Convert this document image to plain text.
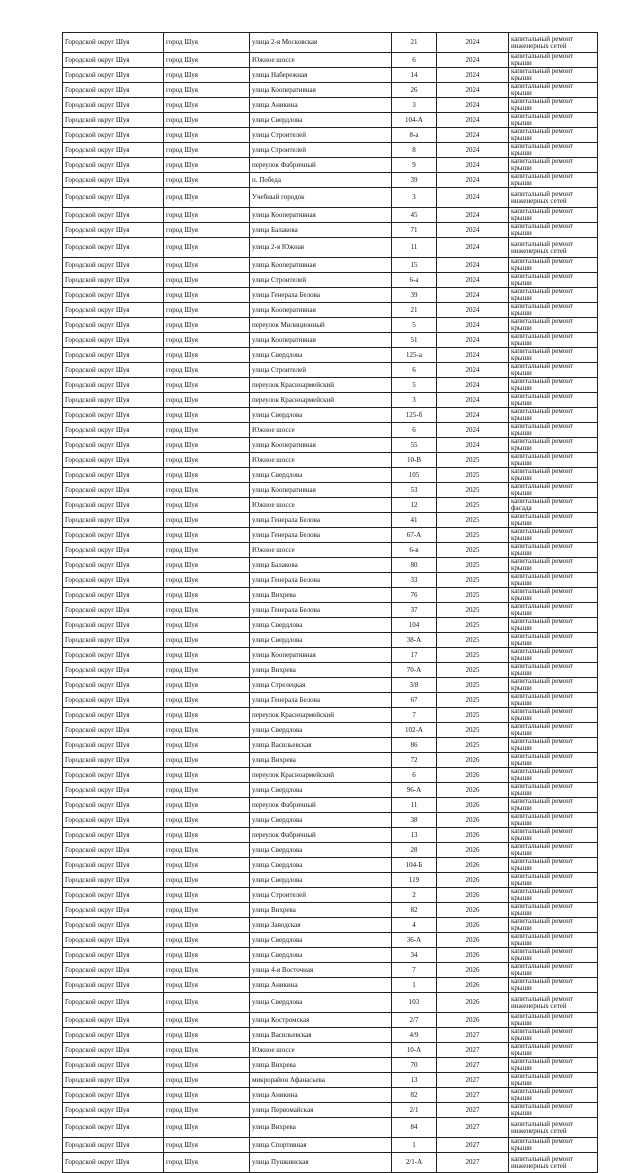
Городской округ Шуя	город Шуя	улица 2-я Московская	21	2024	капитальный ремонт инженерных сетей
Городской округ Шуя	город Шуя	Южное шоссе	6	2024	капитальный ремонт крыши
Городской округ Шуя	город Шуя	улица Набережная	14	2024	капитальный ремонт крыши
Городской округ Шуя	город Шуя	улица Кооперативная	26	2024	капитальный ремонт крыши
Городской округ Шуя	город Шуя	улица Аникина	3	2024	капитальный ремонт крыши
Городской округ Шуя	город Шуя	улица Свердлова	104-А	2024	капитальный ремонт крыши
Городской округ Шуя	город Шуя	улица Строителей	8-а	2024	капитальный ремонт крыши
Городской округ Шуя	город Шуя	улица Строителей	8	2024	капитальный ремонт крыши
Городской округ Шуя	город Шуя	переулок Фабричный	9	2024	капитальный ремонт крыши
Городской округ Шуя	город Шуя	п. Победа	39	2024	капитальный ремонт крыши
Городской округ Шуя	город Шуя	Учебный городок	3	2024	капитальный ремонт инженерных сетей
Городской округ Шуя	город Шуя	улица Кооперативная	45	2024	капитальный ремонт крыши
Городской округ Шуя	город Шуя	улица Балакова	71	2024	капитальный ремонт крыши
Городской округ Шуя	город Шуя	улица 2-я Южная	11	2024	капитальный ремонт инженерных сетей
Городской округ Шуя	город Шуя	улица Кооперативная	15	2024	капитальный ремонт крыши
Городской округ Шуя	город Шуя	улица Строителей	6-а	2024	капитальный ремонт крыши
Городской округ Шуя	город Шуя	улица Генерала Белова	39	2024	капитальный ремонт крыши
Городской округ Шуя	город Шуя	улица Кооперативная	21	2024	капитальный ремонт крыши
Городской округ Шуя	город Шуя	переулок Милиционный	5	2024	капитальный ремонт крыши
Городской округ Шуя	город Шуя	улица Кооперативная	51	2024	капитальный ремонт крыши
Городской округ Шуя	город Шуя	улица Свердлова	125-а	2024	капитальный ремонт крыши
Городской округ Шуя	город Шуя	улица Строителей	6	2024	капитальный ремонт крыши
Городской округ Шуя	город Шуя	переулок Красноармейский	5	2024	капитальный ремонт крыши
Городской округ Шуя	город Шуя	переулок Красноармейский	3	2024	капитальный ремонт крыши
Городской округ Шуя	город Шуя	улица Свердлова	125-б	2024	капитальный ремонт крыши
Городской округ Шуя	город Шуя	Южное шоссе	6	2024	капитальный ремонт крыши
Городской округ Шуя	город Шуя	улица Кооперативная	55	2024	капитальный ремонт крыши
Городской округ Шуя	город Шуя	Южное шоссе	10-В	2025	капитальный ремонт крыши
Городской округ Шуя	город Шуя	улица Свердлова	105	2025	капитальный ремонт крыши
Городской округ Шуя	город Шуя	улица Кооперативная	53	2025	капитальный ремонт крыши
Городской округ Шуя	город Шуя	Южное шоссе	12	2025	капитальный ремонт фасада
Городской округ Шуя	город Шуя	улица Генерала Белова	41	2025	капитальный ремонт крыши
Городской округ Шуя	город Шуя	улица Генерала Белова	67-А	2025	капитальный ремонт крыши
Городской округ Шуя	город Шуя	Южное шоссе	6-в	2025	капитальный ремонт крыши
Городской округ Шуя	город Шуя	улица Балакова	80	2025	капитальный ремонт крыши
Городской округ Шуя	город Шуя	улица Генерала Белова	33	2025	капитальный ремонт крыши
Городской округ Шуя	город Шуя	улица Вихрева	76	2025	капитальный ремонт крыши
Городской округ Шуя	город Шуя	улица Генерала Белова	37	2025	капитальный ремонт крыши
Городской округ Шуя	город Шуя	улица Свердлова	104	2025	капитальный ремонт крыши
Городской округ Шуя	город Шуя	улица Свердлова	38-А	2025	капитальный ремонт крыши
Городской округ Шуя	город Шуя	улица Кооперативная	17	2025	капитальный ремонт крыши
Городской округ Шуя	город Шуя	улица Вихрева	70-А	2025	капитальный ремонт крыши
Городской округ Шуя	город Шуя	улица Стрелецкая	3/8	2025	капитальный ремонт крыши
Городской округ Шуя	город Шуя	улица Генерала Белова	67	2025	капитальный ремонт крыши
Городской округ Шуя	город Шуя	переулок Красноармейский	7	2025	капитальный ремонт крыши
Городской округ Шуя	город Шуя	улица Свердлова	102-А	2025	капитальный ремонт крыши
Городской округ Шуя	город Шуя	улица Васильевская	86	2025	капитальный ремонт крыши
Городской округ Шуя	город Шуя	улица Вихрева	72	2026	капитальный ремонт крыши
Городской округ Шуя	город Шуя	переулок Красноармейский	6	2026	капитальный ремонт крыши
Городской округ Шуя	город Шуя	улица Свердлова	96-А	2026	капитальный ремонт крыши
Городской округ Шуя	город Шуя	переулок Фабричный	11	2026	капитальный ремонт крыши
Городской округ Шуя	город Шуя	улица Свердлова	38	2026	капитальный ремонт крыши
Городской округ Шуя	город Шуя	переулок Фабричный	13	2026	капитальный ремонт крыши
Городской округ Шуя	город Шуя	улица Свердлова	28	2026	капитальный ремонт крыши
Городской округ Шуя	город Шуя	улица Свердлова	104-Б	2026	капитальный ремонт крыши
Городской округ Шуя	город Шуя	улица Свердлова	119	2026	капитальный ремонт крыши
Городской округ Шуя	город Шуя	улица Строителей	2	2026	капитальный ремонт крыши
Городской округ Шуя	город Шуя	улица Вихрева	82	2026	капитальный ремонт крыши
Городской округ Шуя	город Шуя	улица Заводская	4	2026	капитальный ремонт крыши
Городской округ Шуя	город Шуя	улица Свердлова	36-А	2026	капитальный ремонт крыши
Городской округ Шуя	город Шуя	улица Свердлова	34	2026	капитальный ремонт крыши
Городской округ Шуя	город Шуя	улица 4-я Восточная	7	2026	капитальный ремонт крыши
Городской округ Шуя	город Шуя	улица Аникина	1	2026	капитальный ремонт крыши
Городской округ Шуя	город Шуя	улица Свердлова	103	2026	капитальный ремонт инженерных сетей
Городской округ Шуя	город Шуя	улица Костромская	2/7	2026	капитальный ремонт крыши
Городской округ Шуя	город Шуя	улица Васильевская	4/9	2027	капитальный ремонт крыши
Городской округ Шуя	город Шуя	Южное шоссе	10-А	2027	капитальный ремонт крыши
Городской округ Шуя	город Шуя	улица Вихрева	70	2027	капитальный ремонт крыши
Городской округ Шуя	город Шуя	микрорайон Афанасьева	13	2027	капитальный ремонт крыши
Городской округ Шуя	город Шуя	улица Аникина	82	2027	капитальный ремонт крыши
Городской округ Шуя	город Шуя	улица Первомайская	2/1	2027	капитальный ремонт крыши
Городской округ Шуя	город Шуя	улица Вихрева	84	2027	капитальный ремонт инженерных сетей
Городской округ Шуя	город Шуя	улица Спортивная	1	2027	капитальный ремонт крыши
Городской округ Шуя	город Шуя	улица Пушкинская	2/1-А	2027	капитальный ремонт инженерных сетей
